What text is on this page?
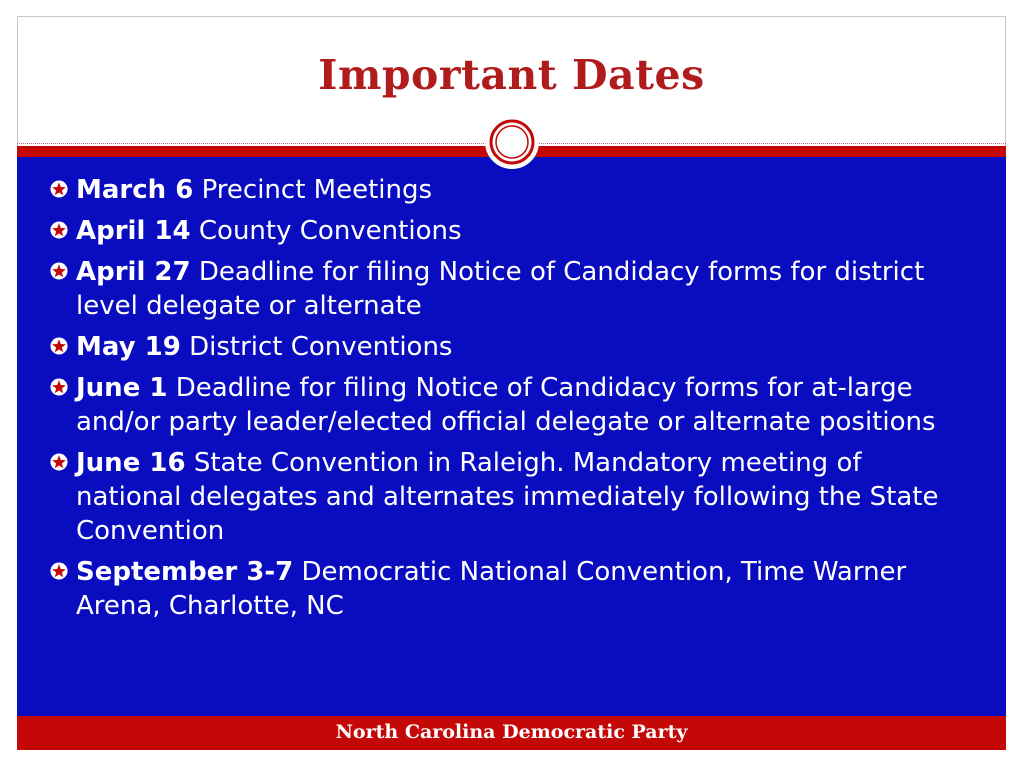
Important Dates
March 6 Precinct Meetings
April 14 County Conventions
April 27 Deadline for filing Notice of Candidacy forms for district level delegate or alternate
May 19 District Conventions
June 1 Deadline for filing Notice of Candidacy forms for at-large and/or party leader/elected official delegate or alternate positions
June 16 State Convention in Raleigh. Mandatory meeting of national delegates and alternates immediately following the State Convention
September 3-7 Democratic National Convention, Time Warner Arena, Charlotte, NC
North Carolina Democratic Party
